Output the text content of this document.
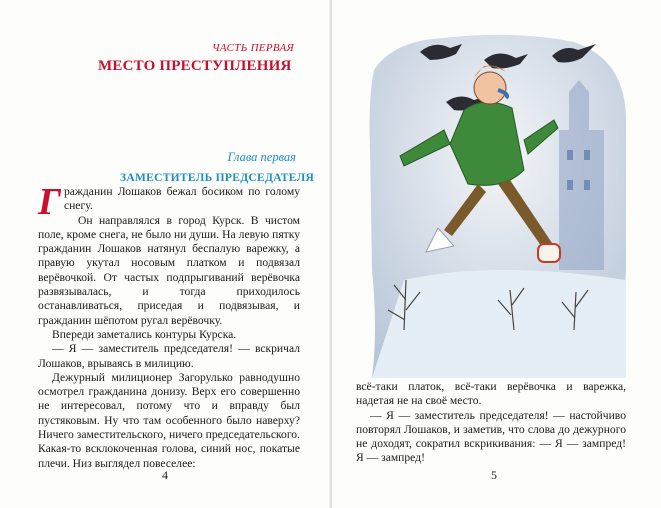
ЧАСТЬ ПЕРВАЯ
МЕСТО ПРЕСТУПЛЕНИЯ
Глава первая
ЗАМЕСТИТЕЛЬ ПРЕДСЕДАТЕЛЯ

Гражданин Лошаков бежал босиком по голому снегу.

Он направлялся в город Курск. В чистом поле, кроме снега, не было ни души. На левую пятку гражданин Лошаков натянул беспалую варежку, а правую укутал носовым платком и подвязал верёвочкой. От частых подпрыгиваний верёвочка развязывалась, и тогда приходилось останавливаться, приседая и подвязывая, и гражданин шёпотом ругал верёвочку.

Впереди заметались контуры Курска.

— Я — заместитель председателя! — вскричал Лошаков, врываясь в милицию.

Дежурный милиционер Загорулько равнодушно осмотрел гражданина донизу. Верх его совершенно не интересовал, потому что и вправду был пустяковым. Ну что там особенного было наверху? Ничего заместительского, ничего председательского. Какая-то всклокоченная голова, синий нос, покатые плечи. Низ выглядел повеселее:

4

всё-таки платок, всё-таки верёвочка и варежка, надетая не на своё место.

— Я — заместитель председателя! — настойчиво повторял Лошаков, и заметив, что слова до дежурного не доходят, сократил вскрикивания: — Я — зампред! Я — зампред!

5
